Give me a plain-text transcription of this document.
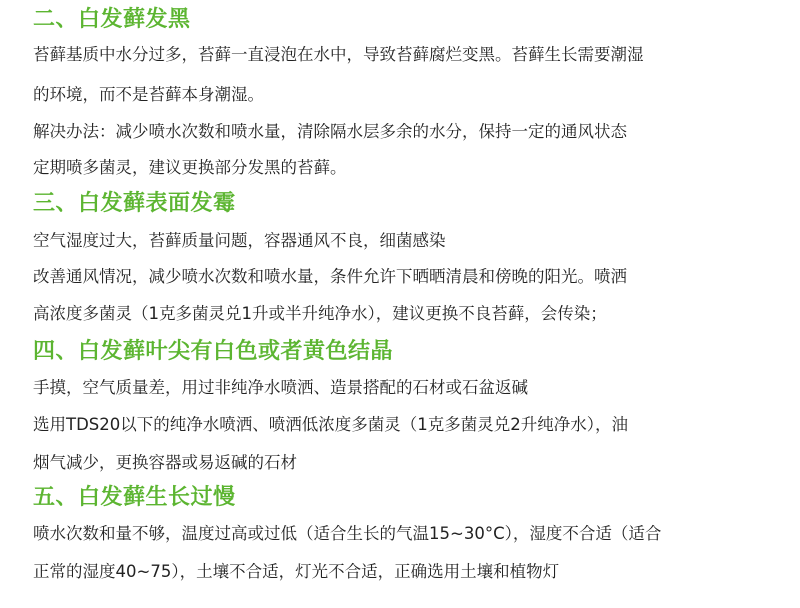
二、白发藓发黑
苔藓基质中水分过多，苔藓一直浸泡在水中，导致苔藓腐烂变黑。苔藓生长需要潮湿
的环境，而不是苔藓本身潮湿。
解决办法：减少喷水次数和喷水量，清除隔水层多余的水分，保持一定的通风状态
定期喷多菌灵，建议更换部分发黑的苔藓。
三、白发藓表面发霉
空气湿度过大，苔藓质量问题，容器通风不良，细菌感染
改善通风情况，减少喷水次数和喷水量，条件允许下晒晒清晨和傍晚的阳光。喷洒
高浓度多菌灵（1克多菌灵兑1升或半升纯净水），建议更换不良苔藓，会传染；
四、白发藓叶尖有白色或者黄色结晶
手摸，空气质量差，用过非纯净水喷洒、造景搭配的石材或石盆返碱
选用TDS20以下的纯净水喷洒、喷洒低浓度多菌灵（1克多菌灵兑2升纯净水），油
烟气减少，更换容器或易返碱的石材
五、白发藓生长过慢
喷水次数和量不够，温度过高或过低（适合生长的气温15~30°C），湿度不合适（适合
正常的湿度40~75），土壤不合适，灯光不合适，正确选用土壤和植物灯
